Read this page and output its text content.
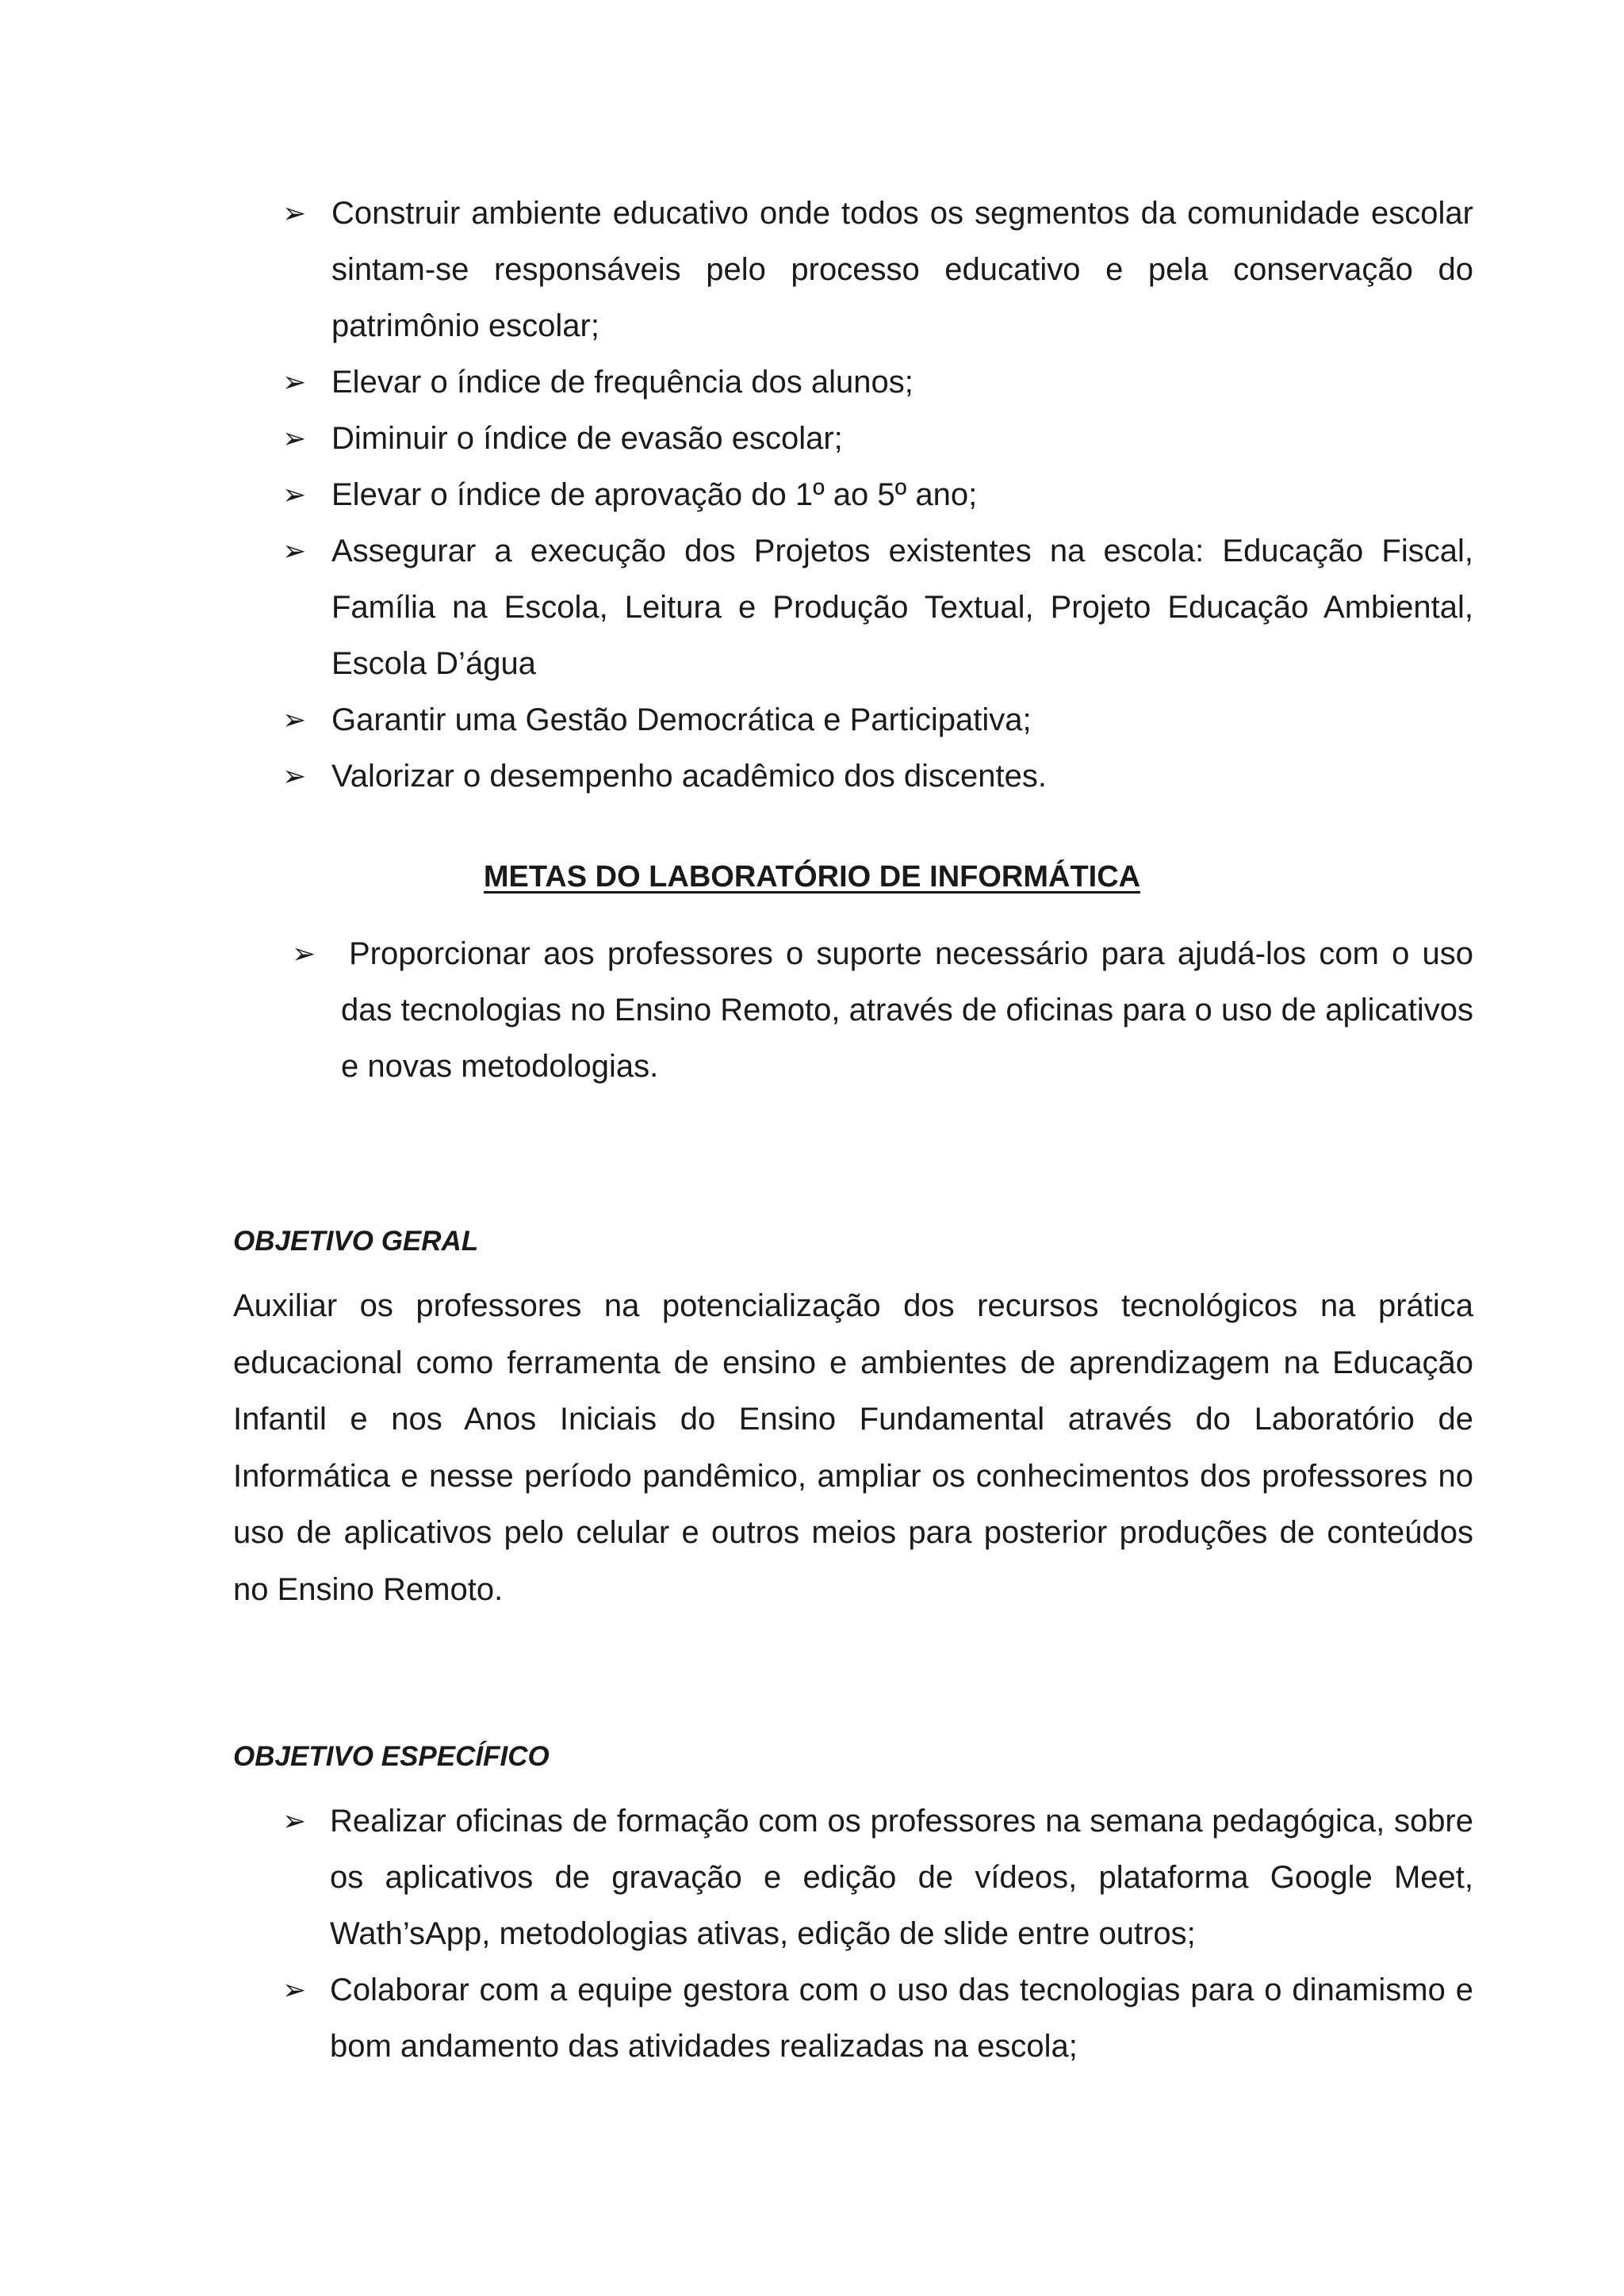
➢ Construir ambiente educativo onde todos os segmentos da comunidade escolar sintam-se responsáveis pelo processo educativo e pela conservação do patrimônio escolar;
➢ Elevar o índice de frequência dos alunos;
➢ Diminuir o índice de evasão escolar;
➢ Elevar o índice de aprovação do 1º ao 5º ano;
➢ Assegurar a execução dos Projetos existentes na escola: Educação Fiscal, Família na Escola, Leitura e Produção Textual, Projeto Educação Ambiental, Escola D’água
➢ Garantir uma Gestão Democrática e Participativa;
➢ Valorizar o desempenho acadêmico dos discentes.
METAS DO LABORATÓRIO DE INFORMÁTICA
➢ Proporcionar aos professores o suporte necessário para ajudá-los com o uso das tecnologias no Ensino Remoto, através de oficinas para o uso de aplicativos e novas metodologias.
OBJETIVO GERAL

Auxiliar os professores na potencialização dos recursos tecnológicos na prática educacional como ferramenta de ensino e ambientes de aprendizagem na Educação Infantil e nos Anos Iniciais do Ensino Fundamental através do Laboratório de Informática e nesse período pandêmico, ampliar os conhecimentos dos professores no uso de aplicativos pelo celular e outros meios para posterior produções de conteúdos no Ensino Remoto.

OBJETIVO ESPECÍFICO
➢ Realizar oficinas de formação com os professores na semana pedagógica, sobre os aplicativos de gravação e edição de vídeos, plataforma Google Meet, Wath’sApp, metodologias ativas, edição de slide entre outros;
➢ Colaborar com a equipe gestora com o uso das tecnologias para o dinamismo e bom andamento das atividades realizadas na escola;
